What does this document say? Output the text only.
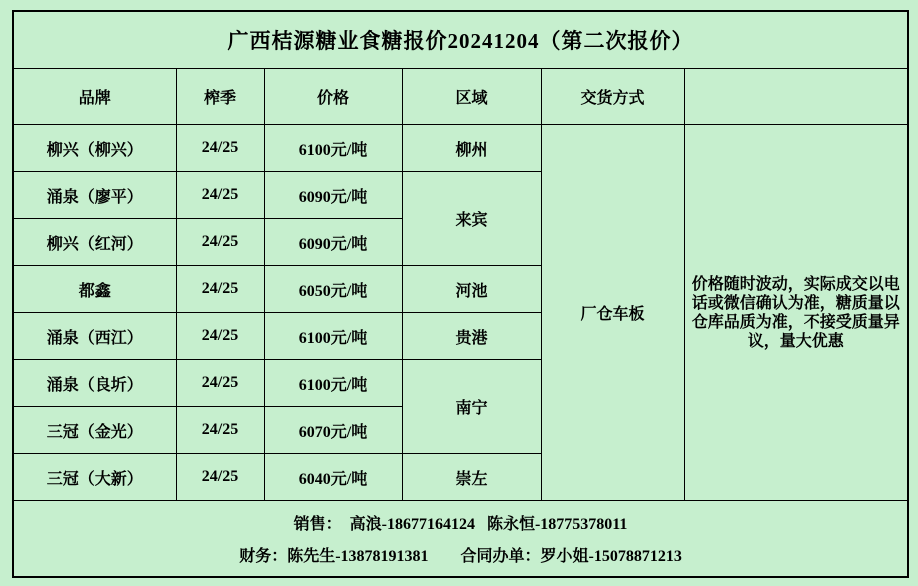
广西桔源糖业食糖报价20241204（第二次报价）					
品牌	榨季	价格	区域	交货方式	
柳兴（柳兴）	24/25	6100元/吨	柳州	厂仓车板	价格随时波动，实际成交以电话或微信确认为准，糖质量以仓库品质为准，不接受质量异议，量大优惠
涌泉（廖平）	24/25	6090元/吨	来宾		
柳兴（红河）	24/25	6090元/吨			
都鑫	24/25	6050元/吨	河池		
涌泉（西江）	24/25	6100元/吨	贵港		
涌泉（良圻）	24/25	6100元/吨	南宁		
三冠（金光）	24/25	6070元/吨			
三冠（大新）	24/25	6040元/吨	崇左		

销售：  高浪-18677164124   陈永恒-18775378011
财务：陈先生-13878191381        合同办单：罗小姐-15078871213					
